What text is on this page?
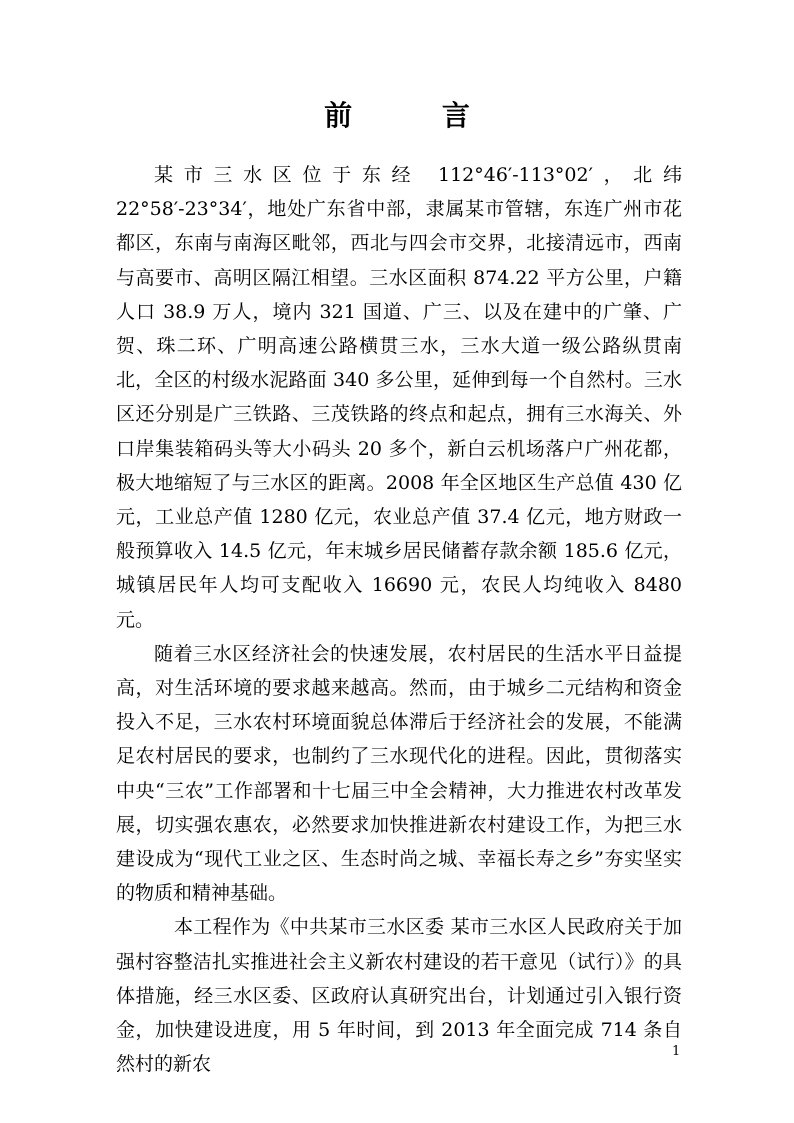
前 言

某市三水区位于东经 112°46′-113°02′，北纬 22°58′-23°34′，地处广东省中部，隶属某市管辖，东连广州市花都区，东南与南海区毗邻，西北与四会市交界，北接清远市，西南与高要市、高明区隔江相望。三水区面积 874.22 平方公里，户籍人口 38.9 万人，境内 321 国道、广三、以及在建中的广肇、广贺、珠二环、广明高速公路横贯三水，三水大道一级公路纵贯南北，全区的村级水泥路面 340 多公里，延伸到每一个自然村。三水区还分别是广三铁路、三茂铁路的终点和起点，拥有三水海关、外口岸集装箱码头等大小码头 20 多个，新白云机场落户广州花都，极大地缩短了与三水区的距离。2008 年全区地区生产总值 430 亿元，工业总产值 1280 亿元，农业总产值 37.4 亿元，地方财政一般预算收入 14.5 亿元，年末城乡居民储蓄存款余额 185.6 亿元，城镇居民年人均可支配收入 16690 元，农民人均纯收入 8480 元。

随着三水区经济社会的快速发展，农村居民的生活水平日益提高，对生活环境的要求越来越高。然而，由于城乡二元结构和资金投入不足，三水农村环境面貌总体滞后于经济社会的发展，不能满足农村居民的要求，也制约了三水现代化的进程。因此，贯彻落实中央“三农”工作部署和十七届三中全会精神，大力推进农村改革发展，切实强农惠农，必然要求加快推进新农村建设工作，为把三水建设成为“现代工业之区、生态时尚之城、幸福长寿之乡”夯实坚实的物质和精神基础。

本工程作为《中共某市三水区委 某市三水区人民政府关于加强村容整洁扎实推进社会主义新农村建设的若干意见（试行）》的具体措施，经三水区委、区政府认真研究出台，计划通过引入银行资金，加快建设进度，用 5 年时间，到 2013 年全面完成 714 条自然村的新农

1
